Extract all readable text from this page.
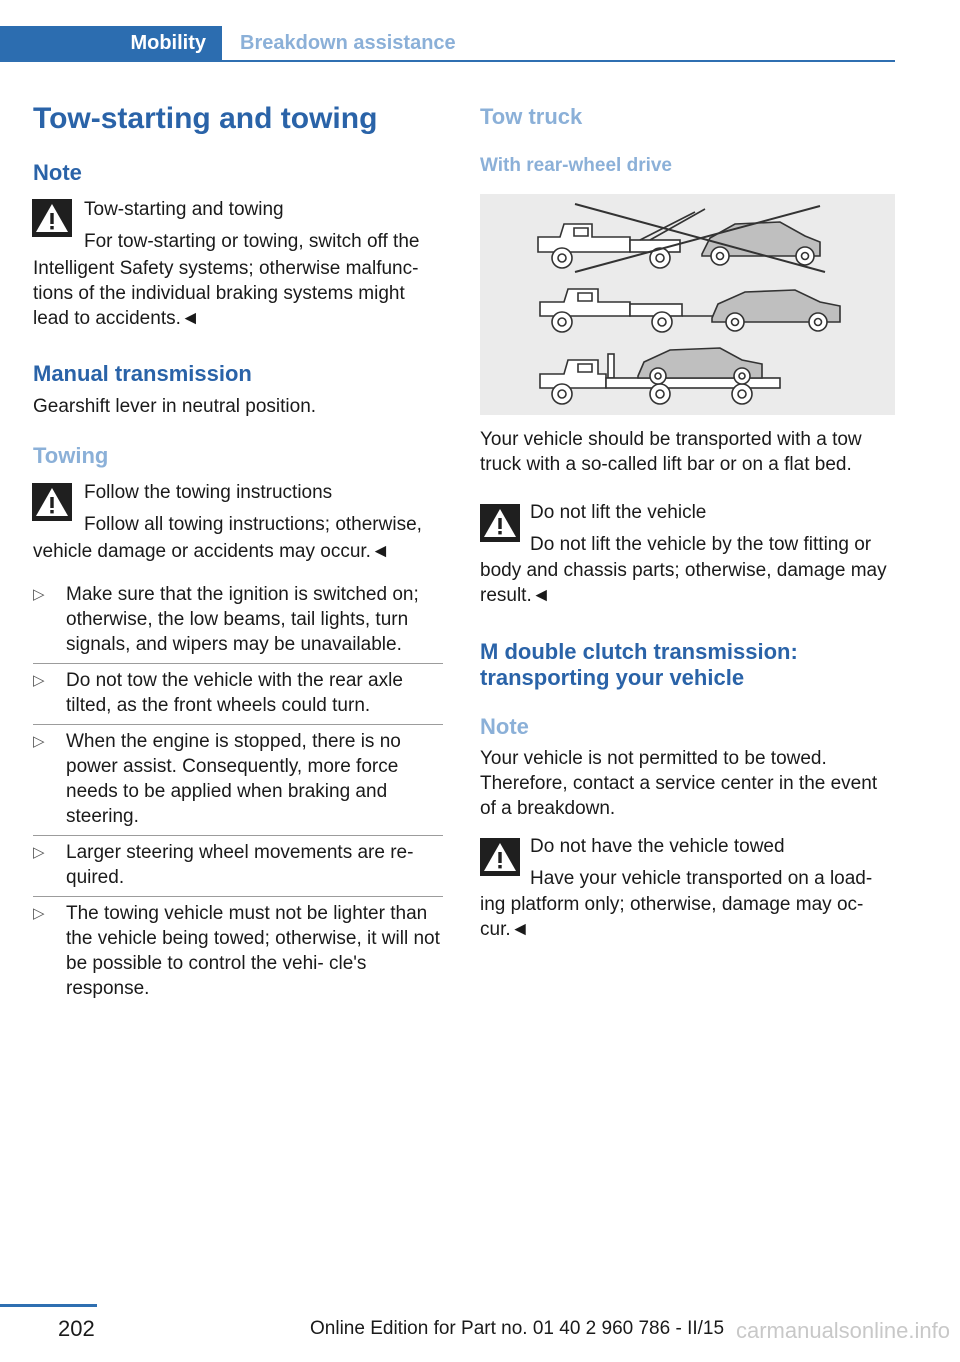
Mobility	Breakdown assistance
Tow-starting and towing
Note
Tow-starting and towing
For tow-starting or towing, switch off the
Intelligent Safety systems; otherwise malfunc‐ tions of the individual braking systems might lead to accidents.◄
Manual transmission
Gearshift lever in neutral position.
Towing
Follow the towing instructions
Follow all towing instructions; otherwise,
vehicle damage or accidents may occur.◄
▷ Make sure that the ignition is switched on; otherwise, the low beams, tail lights, turn signals, and wipers may be unavailable.
▷ Do not tow the vehicle with the rear axle tilted, as the front wheels could turn.
▷ When the engine is stopped, there is no power assist. Consequently, more force needs to be applied when braking and steering.
▷ Larger steering wheel movements are re‐ quired.
▷ The towing vehicle must not be lighter than the vehicle being towed; otherwise, it will not be possible to control the vehi‐ cle's response.
Tow truck
With rear-wheel drive
Your vehicle should be transported with a tow truck with a so-called lift bar or on a flat bed.
Do not lift the vehicle
Do not lift the vehicle by the tow fitting or
body and chassis parts; otherwise, damage may result.◄
M double clutch transmission:
transporting your vehicle
Note
Your vehicle is not permitted to be towed. Therefore, contact a service center in the event of a breakdown.
Do not have the vehicle towed
Have your vehicle transported on a load‐
ing platform only; otherwise, damage may oc‐ cur.◄
202	Online Edition for Part no. 01 40 2 960 786 - II/15 carmanualsonline.info
